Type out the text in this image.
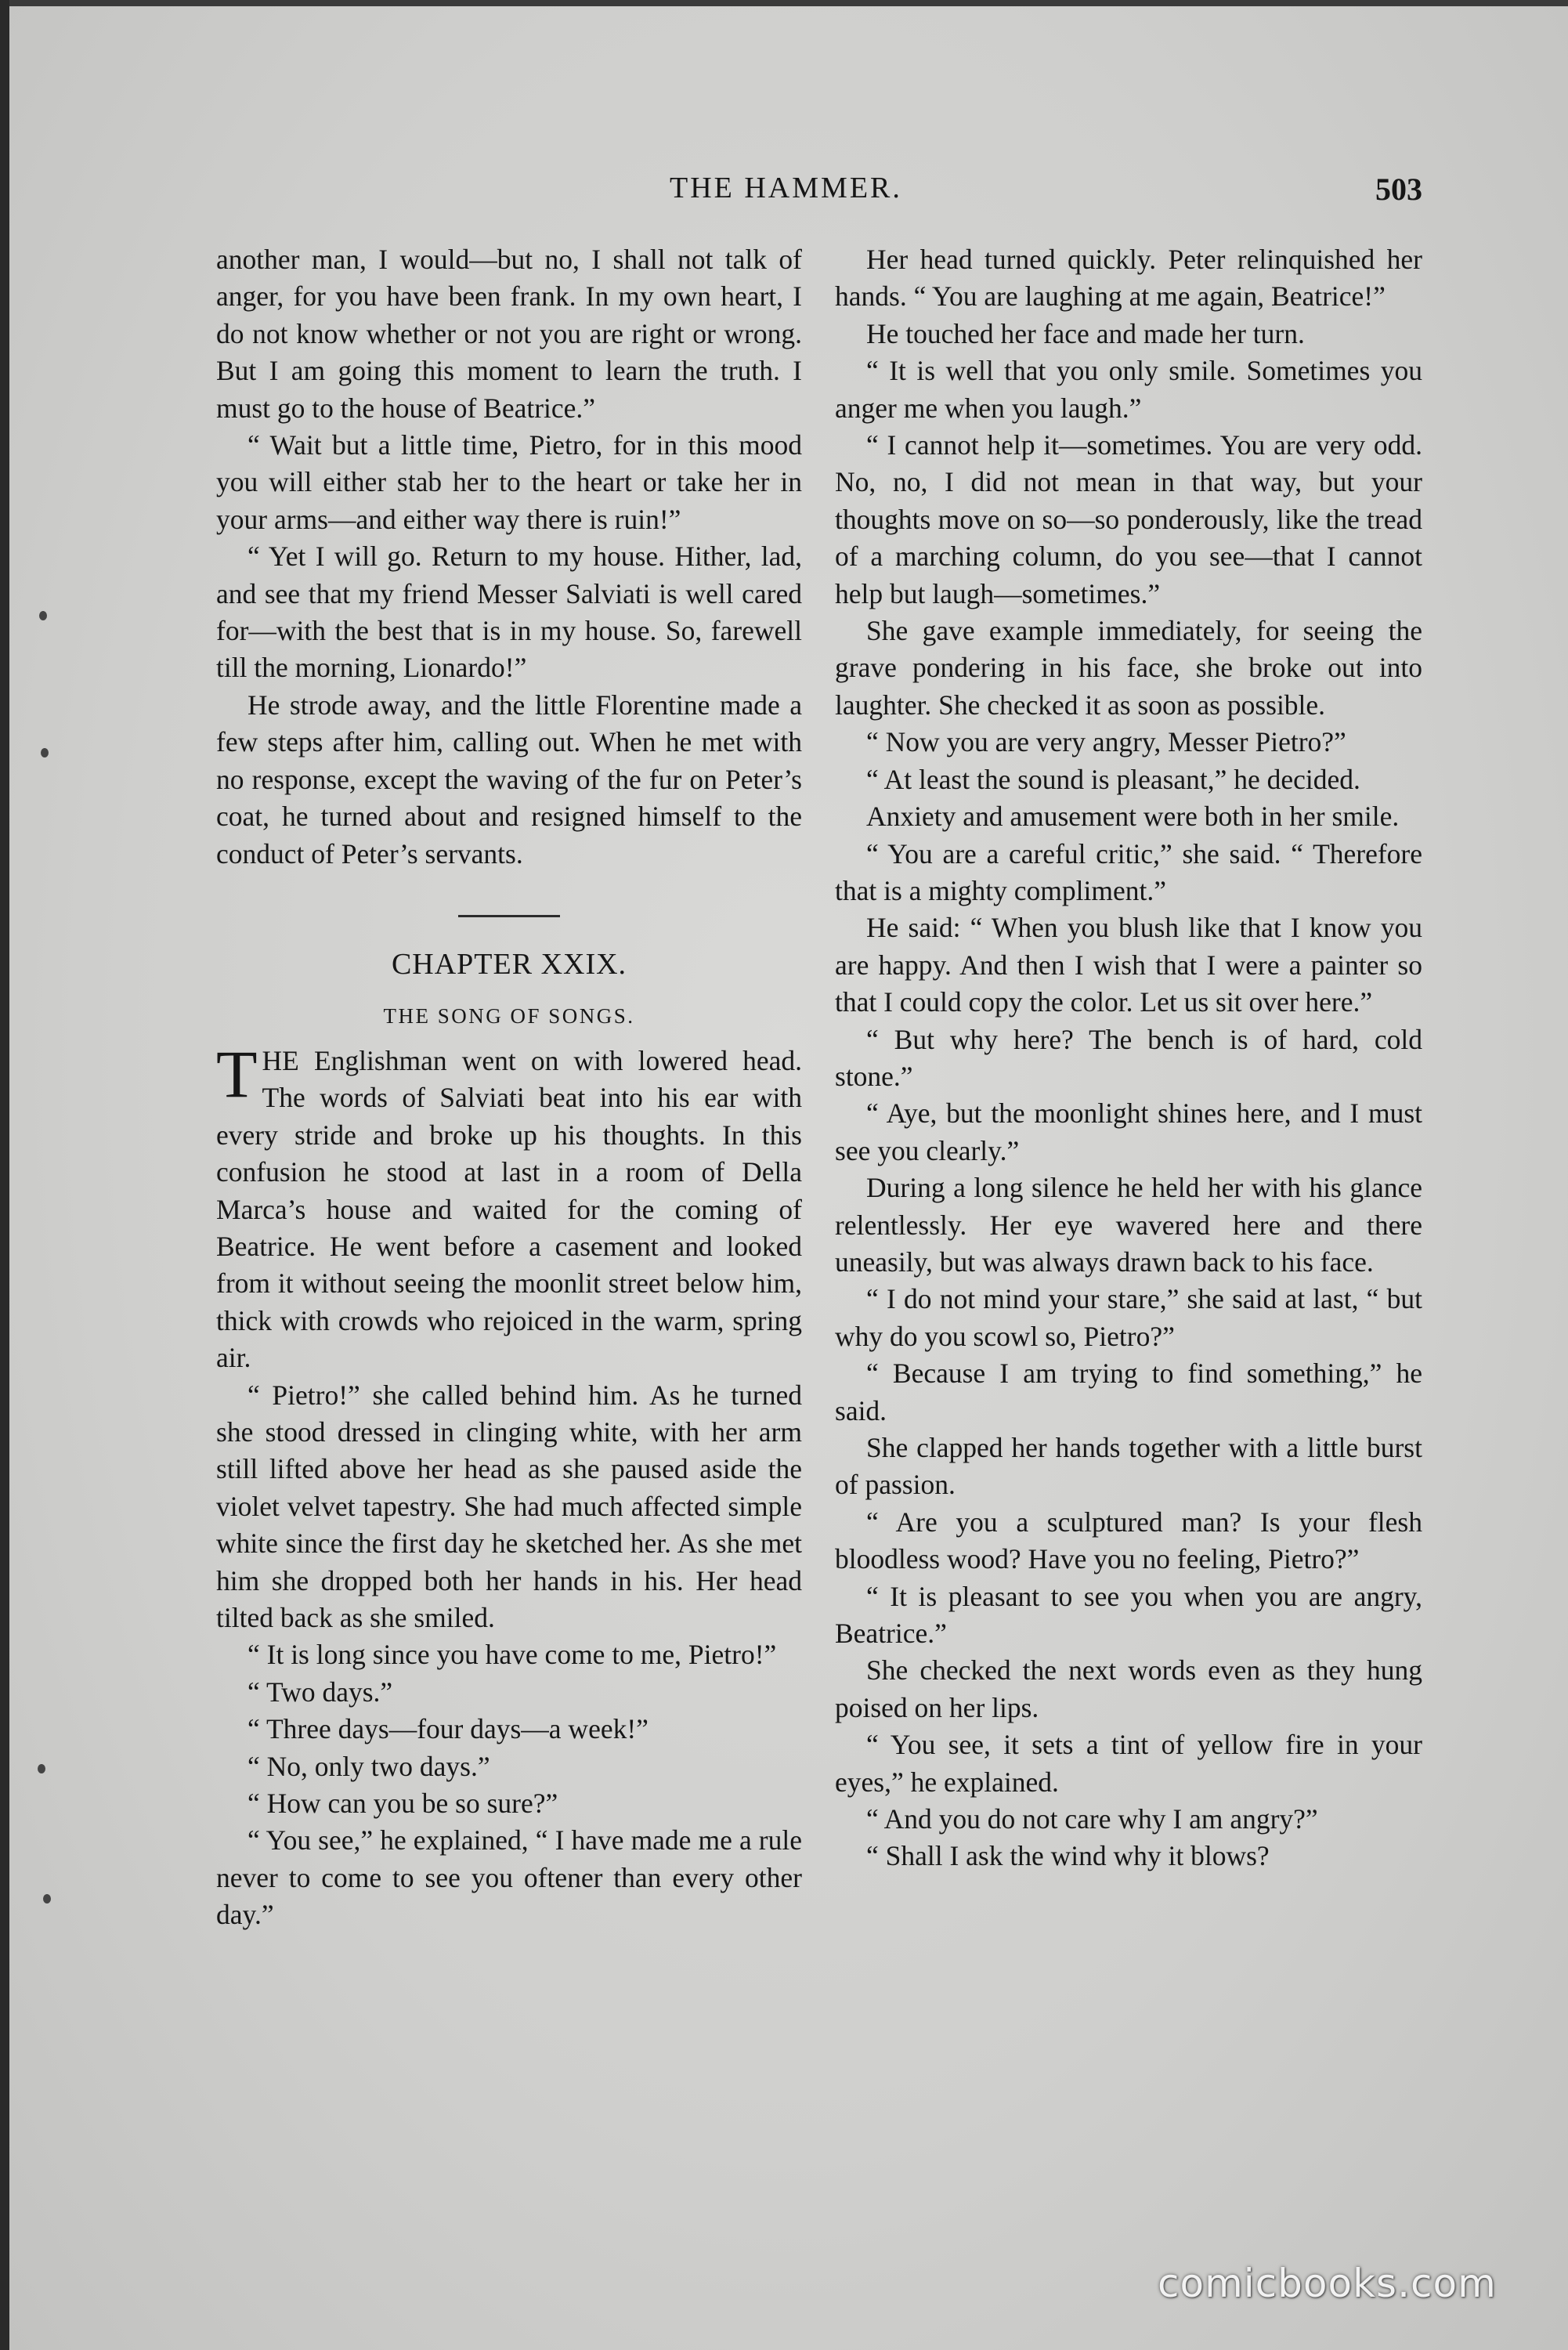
THE HAMMER.	503

another man, I would—but no, I shall not talk of anger, for you have been frank. In my own heart, I do not know whether or not you are right or wrong. But I am going this moment to learn the truth. I must go to the house of Beatrice.”

“ Wait but a little time, Pietro, for in this mood you will either stab her to the heart or take her in your arms—and either way there is ruin!”

“ Yet I will go. Return to my house. Hither, lad, and see that my friend Messer Salviati is well cared for—with the best that is in my house. So, farewell till the morning, Lionardo!”

He strode away, and the little Florentine made a few steps after him, calling out. When he met with no response, except the waving of the fur on Peter’s coat, he turned about and resigned himself to the conduct of Peter’s servants.

CHAPTER XXIX.
THE SONG OF SONGS.

THE Englishman went on with lowered head. The words of Salviati beat into his ear with every stride and broke up his thoughts. In this confusion he stood at last in a room of Della Marca’s house and waited for the coming of Beatrice. He went before a casement and looked from it without seeing the moonlit street below him, thick with crowds who rejoiced in the warm, spring air.

“ Pietro!” she called behind him. As he turned she stood dressed in clinging white, with her arm still lifted above her head as she paused aside the violet velvet tapestry. She had much affected simple white since the first day he sketched her. As she met him she dropped both her hands in his. Her head tilted back as she smiled.

“ It is long since you have come to me, Pietro!”

“ Two days.”

“ Three days—four days—a week!”

“ No, only two days.”

“ How can you be so sure?”

“ You see,” he explained, “ I have made me a rule never to come to see you oftener than every other day.”

Her head turned quickly. Peter relinquished her hands. “ You are laughing at me again, Beatrice!”

He touched her face and made her turn.

“ It is well that you only smile. Sometimes you anger me when you laugh.”

“ I cannot help it—sometimes. You are very odd. No, no, I did not mean in that way, but your thoughts move on so—so ponderously, like the tread of a marching column, do you see—that I cannot help but laugh—sometimes.”

She gave example immediately, for seeing the grave pondering in his face, she broke out into laughter. She checked it as soon as possible.

“ Now you are very angry, Messer Pietro?”

“ At least the sound is pleasant,” he decided.

Anxiety and amusement were both in her smile.

“ You are a careful critic,” she said. “ Therefore that is a mighty compliment.”

He said: “ When you blush like that I know you are happy. And then I wish that I were a painter so that I could copy the color. Let us sit over here.”

“ But why here? The bench is of hard, cold stone.”

“ Aye, but the moonlight shines here, and I must see you clearly.”

During a long silence he held her with his glance relentlessly. Her eye wavered here and there uneasily, but was always drawn back to his face.

“ I do not mind your stare,” she said at last, “ but why do you scowl so, Pietro?”

“ Because I am trying to find something,” he said.

She clapped her hands together with a little burst of passion.

“ Are you a sculptured man? Is your flesh bloodless wood? Have you no feeling, Pietro?”

“ It is pleasant to see you when you are angry, Beatrice.”

She checked the next words even as they hung poised on her lips.

“ You see, it sets a tint of yellow fire in your eyes,” he explained.

“ And you do not care why I am angry?”

“ Shall I ask the wind why it blows?

comicbooks.com
